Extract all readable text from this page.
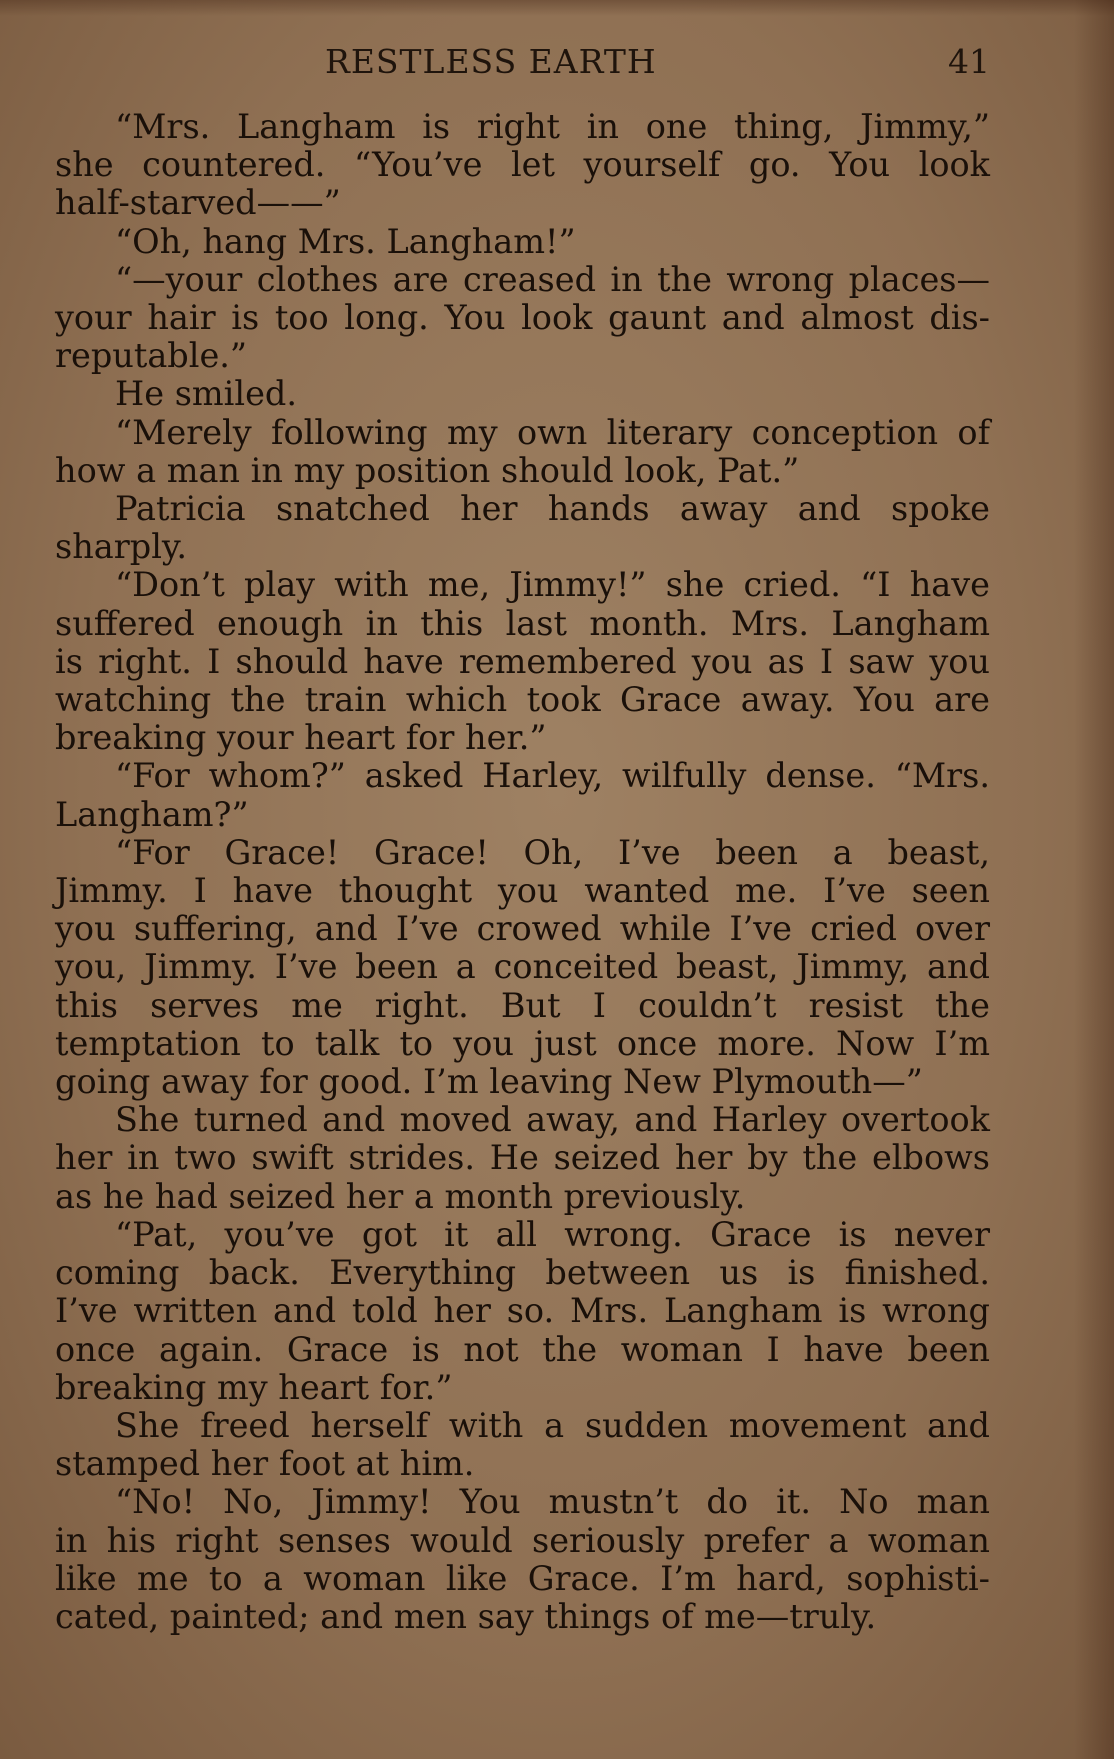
RESTLESS EARTH	41
“Mrs. Langham is right in one thing, Jimmy,”
she countered. “You’ve let yourself go. You look
half-starved——”
“Oh, hang Mrs. Langham!”
“—your clothes are creased in the wrong places—
your hair is too long. You look gaunt and almost dis-
reputable.”
He smiled.
“Merely following my own literary conception of
how a man in my position should look, Pat.”
Patricia snatched her hands away and spoke
sharply.
“Don’t play with me, Jimmy!” she cried. “I have
suffered enough in this last month. Mrs. Langham
is right. I should have remembered you as I saw you
watching the train which took Grace away. You are
breaking your heart for her.”
“For whom?” asked Harley, wilfully dense. “Mrs.
Langham?”
“For Grace! Grace! Oh, I’ve been a beast,
Jimmy. I have thought you wanted me. I’ve seen
you suffering, and I’ve crowed while I’ve cried over
you, Jimmy. I’ve been a conceited beast, Jimmy, and
this serves me right. But I couldn’t resist the
temptation to talk to you just once more. Now I’m
going away for good. I’m leaving New Plymouth—”
She turned and moved away, and Harley overtook
her in two swift strides. He seized her by the elbows
as he had seized her a month previously.
“Pat, you’ve got it all wrong. Grace is never
coming back. Everything between us is finished.
I’ve written and told her so. Mrs. Langham is wrong
once again. Grace is not the woman I have been
breaking my heart for.”
She freed herself with a sudden movement and
stamped her foot at him.
“No! No, Jimmy! You mustn’t do it. No man
in his right senses would seriously prefer a woman
like me to a woman like Grace. I’m hard, sophisti-
cated, painted; and men say things of me—truly.
